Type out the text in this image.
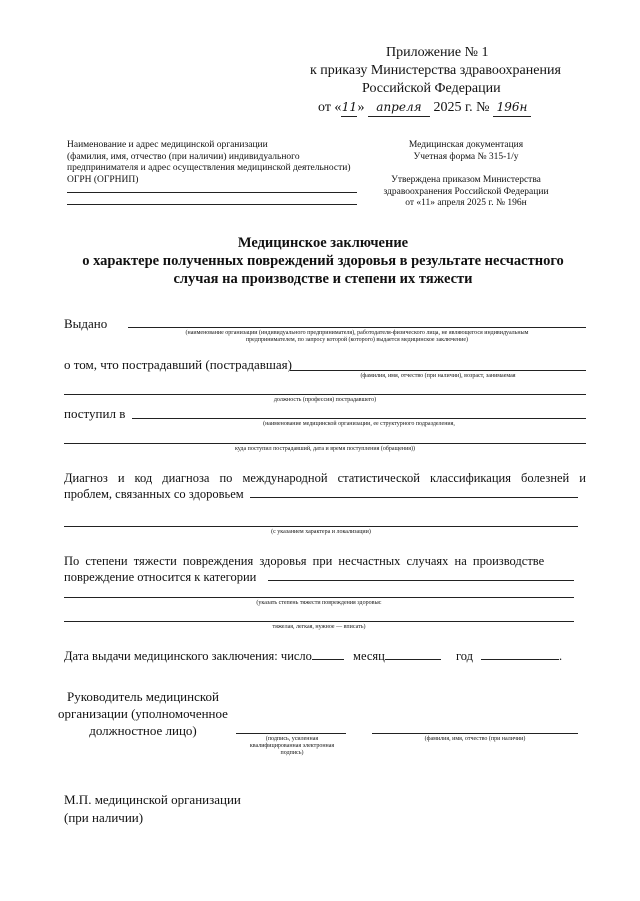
Приложение № 1
к приказу Министерства здравоохранения
Российской Федерации
от «11» апреля 2025 г. № 196н
Наименование и адрес медицинской организации
(фамилия, имя, отчество (при наличии) индивидуального
предпринимателя и адрес осуществления медицинской деятельности)
ОГРН (ОГРНИП)
Медицинская документация
Учетная форма № 315-1/у
Утверждена приказом Министерства
здравоохранения Российской Федерации
от «11» апреля 2025 г. № 196н
Медицинское заключение
о характере полученных повреждений здоровья в результате несчастного
случая на производстве и степени их тяжести
Выдано
(наименование организации (индивидуального предпринимателя), работодателя-физического лица, не являющегося индивидуальным
предпринимателем, по запросу которой (которого) выдается медицинское заключение)
о том, что пострадавший (пострадавшая)
(фамилия, имя, отчество (при наличии), возраст, занимаемая
должность (профессия) пострадавшего)
поступил в
(наименование медицинской организации, ее структурного подразделения,
куда поступил пострадавший, дата и время поступления (обращения))
Диагноз и код диагноза по международной статистической классификация болезней и
проблем, связанных со здоровьем
(с указанием характера и локализации)
По степени тяжести повреждения здоровья при несчастных случаях на производстве
повреждение относится к категории
(указать степень тяжести повреждения здоровья:
тяжелая, легкая, нужное — вписать)
Дата выдачи медицинского заключения: число	месяц	год	.
Руководитель медицинской
организации (уполномоченное
должностное лицо)
(подпись, усиленная
квалифицированная электронная
подпись)
(фамилия, имя, отчество (при наличии)
М.П. медицинской организации
(при наличии)
